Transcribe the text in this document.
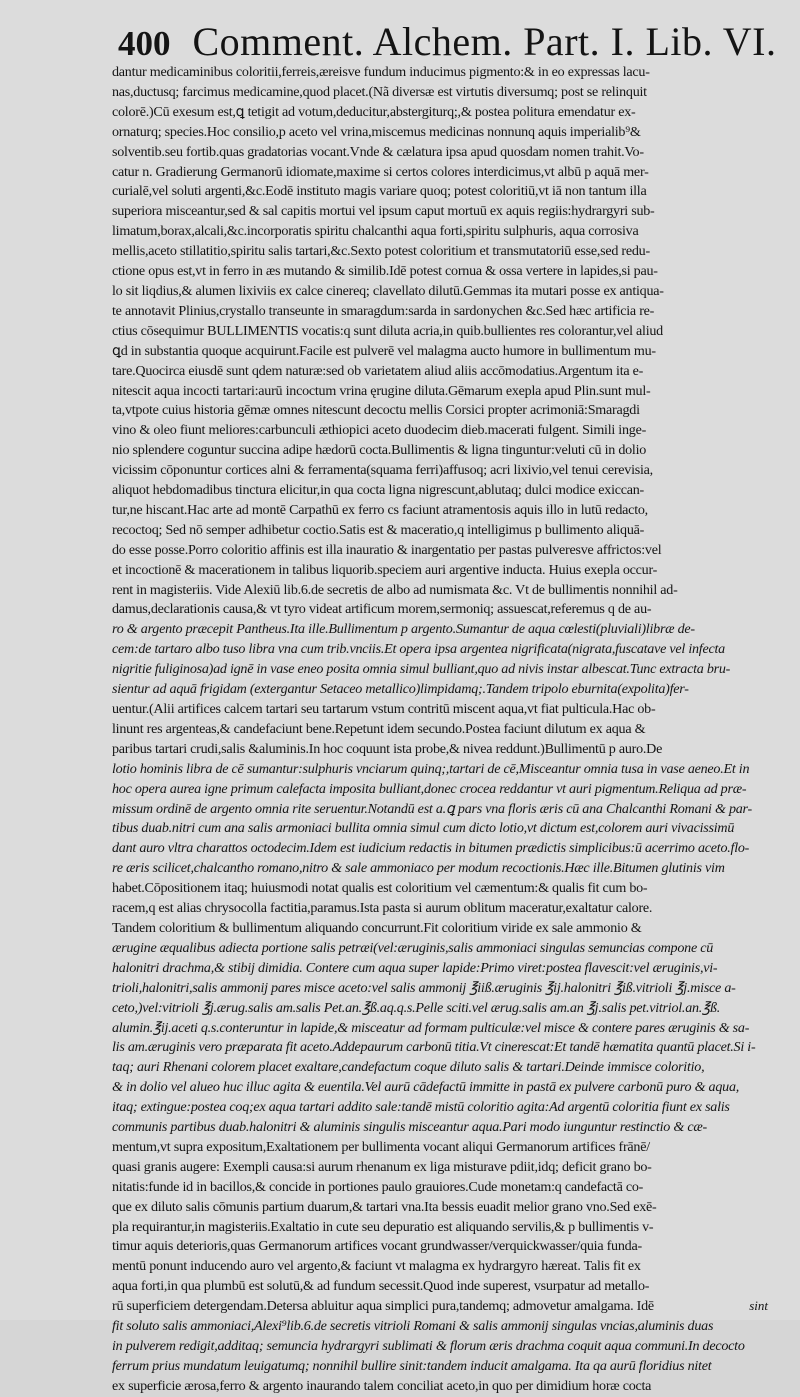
400 Comment. Alchem. Part. I. Lib. VI.
dantur medicaminibus coloritii,ferreis,æreisve fundum inducimus pigmento:& in eo expressas lacu-
nas,ductusq; farcimus medicamine,quod placet.(Nã diversæ est virtutis diversumq; post se relinquit
colorē.)Cū exesum est,ꝗ tetigit ad votum,deducitur,abstergiturq;,& postea politura emendatur ex-
ornaturq; species.Hoc consilio,p aceto vel vrina,miscemus medicinas nonnunq aquis imperialib⁹&
solventib.seu fortib.quas gradatorias vocant.Vnde & cælatura ipsa apud quosdam nomen trahit.Vo-
catur n. Gradierung Germanorū idiomate,maxime si certos colores interdicimus,vt albū p aquā mer-
curialē,vel soluti argenti,&c.Eodē instituto magis variare quoq; potest coloritiū,vt iā non tantum illa
superiora misceantur,sed & sal capitis mortui vel ipsum caput mortuū ex aquis regiis:hydrargyri sub-
limatum,borax,alcali,&c.incorporatis spiritu chalcanthi aqua forti,spiritu sulphuris, aqua corrosiva
mellis,aceto stillatitio,spiritu salis tartari,&c.Sexto potest coloritium et transmutatoriū esse,sed redu-
ctione opus est,vt in ferro in æs mutando & similib.Idē potest cornua & ossa vertere in lapides,si pau-
lo sit liqdius,& alumen lixiviis ex calce cinereq; clavellato dilutū.Gemmas ita mutari posse ex antiqua-
te annotavit Plinius,crystallo transeunte in smaragdum:sarda in sardonychen &c.Sed hæc artificia re-
ctius cōsequimur BULLIMENTIS vocatis:q sunt diluta acria,in quib.bullientes res colorantur,vel aliud
ꝗd in substantia quoque acquirunt.Facile est pulverē vel malagma aucto humore in bullimentum mu-
tare.Quocirca eiusdē sunt qdem naturæ:sed ob varietatem aliud aliis accōmodatius.Argentum ita e-
nitescit aqua incocti tartari:aurū incoctum vrina ęrugine diluta.Gēmarum exepla apud Plin.sunt mul-
ta,vtpote cuius historia gēmæ omnes nitescunt decoctu mellis Corsici propter acrimoniā:Smaragdi
vino & oleo fiunt meliores:carbunculi æthiopici aceto duodecim dieb.macerati fulgent. Simili inge-
nio splendere coguntur succina adipe hædorū cocta.Bullimentis & ligna tinguntur:veluti cū in dolio
vicissim cōponuntur cortices alni & ferramenta(squama ferri)affusoq; acri lixivio,vel tenui cerevisia,
aliquot hebdomadibus tinctura elicitur,in qua cocta ligna nigrescunt,ablutaq; dulci modice exiccan-
tur,ne hiscant.Hac arte ad montē Carpathū ex ferro cs faciunt atramentosis aquis illo in lutū redacto,
recoctoq; Sed nō semper adhibetur coctio.Satis est & maceratio,q intelligimus p bullimento aliquā-
do esse posse.Porro coloritio affinis est illa inauratio & inargentatio per pastas pulveresve affrictos:vel
et incoctionē & macerationem in talibus liquorib.speciem auri argentive inducta. Huius exepla occur-
rent in magisteriis. Vide Alexiū lib.6.de secretis de albo ad numismata &c. Vt de bullimentis nonnihil ad-
damus,declarationis causa,& vt tyro videat artificum morem,sermoniq; assuescat,referemus q de au-
ro & argento præcepit Pantheus.Ita ille.Bullimentum p argento.Sumantur de aqua cœlesti(pluviali)libræ de-
cem:de tartaro albo tuso libra vna cum trib.vnciis.Et opera ipsa argentea nigrificata(nigrata,fuscatave vel infecta
nigritie fuliginosa)ad ignē in vase eneo posita omnia simul bulliant,quo ad nivis instar albescat.Tunc extracta bru-
sientur ad aquā frigidam (extergantur Setaceo metallico)limpidamq;.Tandem tripolo eburnita(expolita)fer-
uentur.(Alii artifices calcem tartari seu tartarum vstum contritū miscent aqua,vt fiat pulticula.Hac ob-
linunt res argenteas,& candefaciunt bene.Repetunt idem secundo.Postea faciunt dilutum ex aqua &
paribus tartari crudi,salis &aluminis.In hoc coquunt ista probe,& nivea reddunt.)Bullimentū p auro.De
lotio hominis libra de cē sumantur:sulphuris vnciarum quinq;,tartari de cē,Misceantur omnia tusa in vase aeneo.Et in
hoc opera aurea igne primum calefacta imposita bulliant,donec crocea reddantur vt auri pigmentum.Reliqua ad præ-
missum ordinē de argento omnia rite seruentur.Notandū est a.ꝗ pars vna floris æris cū ana Chalcanthi Romani & par-
tibus duab.nitri cum ana salis armoniaci bullita omnia simul cum dicto lotio,vt dictum est,colorem auri vivacissimū
dant auro vltra charattos octodecim.Idem est iudicium redactis in bitumen prædictis simplicibus:ū acerrimo aceto.flo-
re æris scilicet,chalcantho romano,nitro & sale ammoniaco per modum recoctionis.Hæc ille.Bitumen glutinis vim
habet.Cōpositionem itaq; huiusmodi notat qualis est coloritium vel cæmentum:& qualis fit cum bo-
racem,q est alias chrysocolla factitia,paramus.Ista pasta si aurum oblitum maceratur,exaltatur calore.
Tandem coloritium & bullimentum aliquando concurrunt.Fit coloritium viride ex sale ammonio &
ærugine æqualibus adiecta portione salis petræi(vel:æruginis,salis ammoniaci singulas semuncias compone cū
halonitri drachma,& stibij dimidia. Contere cum aqua super lapide:Primo viret:postea flavescit:vel æruginis,vi-
trioli,halonitri,salis ammonij pares misce aceto:vel salis ammonij ℥iiß.æruginis ℥ij.halonitri ℥iß.vitrioli ℥j.misce a-
ceto,)vel:vitrioli ℥j.ærug.salis am.salis Pet.an.℥ß.aq.q.s.Pelle sciti.vel ærug.salis am.an ℥j.salis pet.vitriol.an.℥ß.
alumin.℥ij.aceti q.s.conteruntur in lapide,& misceatur ad formam pulticulæ:vel misce & contere pares æruginis & sa-
lis am.æruginis vero præparata fit aceto.Addepaurum carbonū titia.Vt cinerescat:Et tandē hæmatita quantū placet.Si i-
taq; auri Rhenani colorem placet exaltare,candefactum coque diluto salis & tartari.Deinde immisce coloritio,
& in dolio vel alueo huc illuc agita & euentila.Vel aurū cādefactū immitte in pastā ex pulvere carbonū puro & aqua,
itaq; extingue:postea coq;ex aqua tartari addito sale:tandē mistū coloritio agita:Ad argentū coloritia fiunt ex salis
communis partibus duab.halonitri & aluminis singulis misceantur aqua.Pari modo iunguntur restinctio & cæ-
mentum,vt supra expositum,Exaltationem per bullimenta vocant aliqui Germanorum artifices frānē/
quasi granis augere: Exempli causa:si aurum rhenanum ex liga misturave pdiit,idq; deficit grano bo-
nitatis:funde id in bacillos,& concide in portiones paulo grauiores.Cude monetam:q candefactā co-
que ex diluto salis cōmunis partium duarum,& tartari vna.Ita bessis euadit melior grano vno.Sed exē-
pla requirantur,in magisteriis.Exaltatio in cute seu depuratio est aliquando servilis,& p bullimentis v-
timur aquis deterioris,quas Germanorum artifices vocant grundwasser/verquickwasser/quia funda-
mentū ponunt inducendo auro vel argento,& faciunt vt malagma ex hydrargyro hæreat. Talis fit ex
aqua forti,in qua plumbū est solutū,& ad fundum secessit.Quod inde superest, vsurpatur ad metallo-
rū superficiem detergendam.Detersa abluitur aqua simplici pura,tandemq; admovetur amalgama. Idē
fit soluto salis ammoniaci,Alexi⁹lib.6.de secretis vitrioli Romani & salis ammonij singulas vncias,aluminis duas
in pulverem redigit,additaq; semuncia hydrargyri sublimati & florum æris drachma coquit aqua communi.In decocto
ferrum prius mundatum leuigatumq; nonnihil bullire sinit:tandem inducit amalgama. Ita qa aurū floridius nitet
ex superficie ærosa,ferro & argento inaurando talem conciliat aceto,in quo per dimidium horæ cocta
sint
